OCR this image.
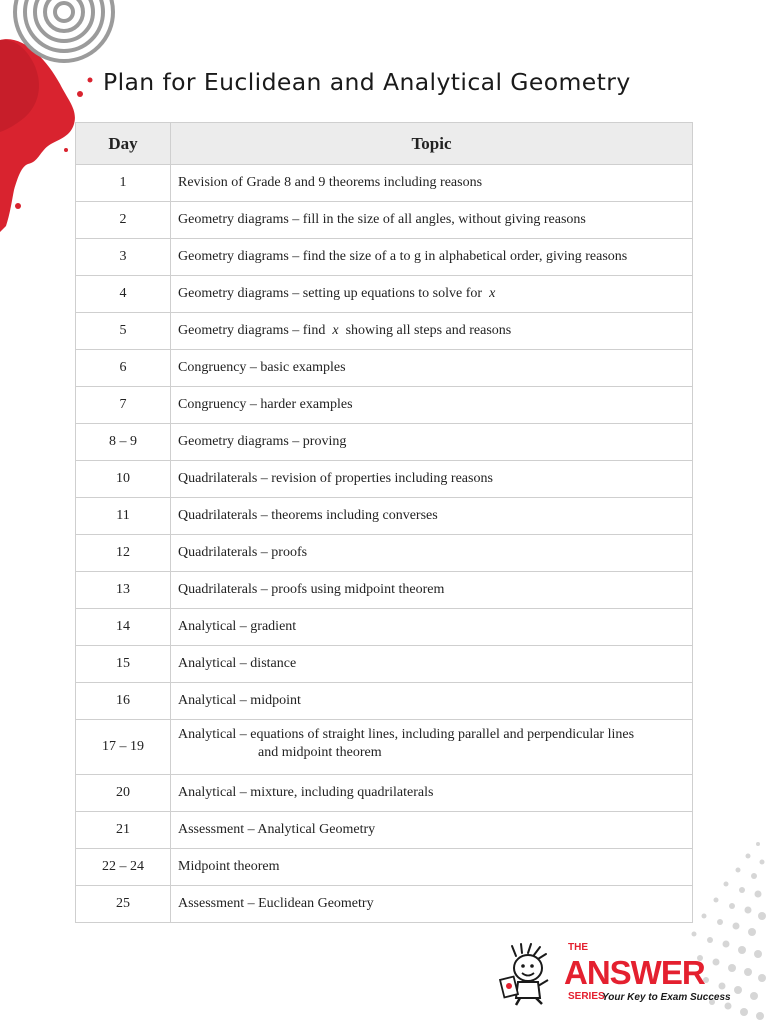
Plan for Euclidean and Analytical Geometry
Day	Topic
1	Revision of Grade 8 and 9 theorems including reasons
2	Geometry diagrams – fill in the size of all angles, without giving reasons
3	Geometry diagrams – find the size of a to g in alphabetical order, giving reasons
4	Geometry diagrams – setting up equations to solve for x
5	Geometry diagrams – find x showing all steps and reasons
6	Congruency – basic examples
7	Congruency – harder examples
8 – 9	Geometry diagrams – proving
10	Quadrilaterals – revision of properties including reasons
11	Quadrilaterals – theorems including converses
12	Quadrilaterals – proofs
13	Quadrilaterals – proofs using midpoint theorem
14	Analytical – gradient
15	Analytical – distance
16	Analytical – midpoint
17 – 19	Analytical – equations of straight lines, including parallel and perpendicular lines
and midpoint theorem

20	Analytical – mixture, including quadrilaterals
21	Assessment – Analytical Geometry
22 – 24	Midpoint theorem
25	Assessment – Euclidean Geometry
THE
ANSWER
SERIES
Your Key to Exam Success
